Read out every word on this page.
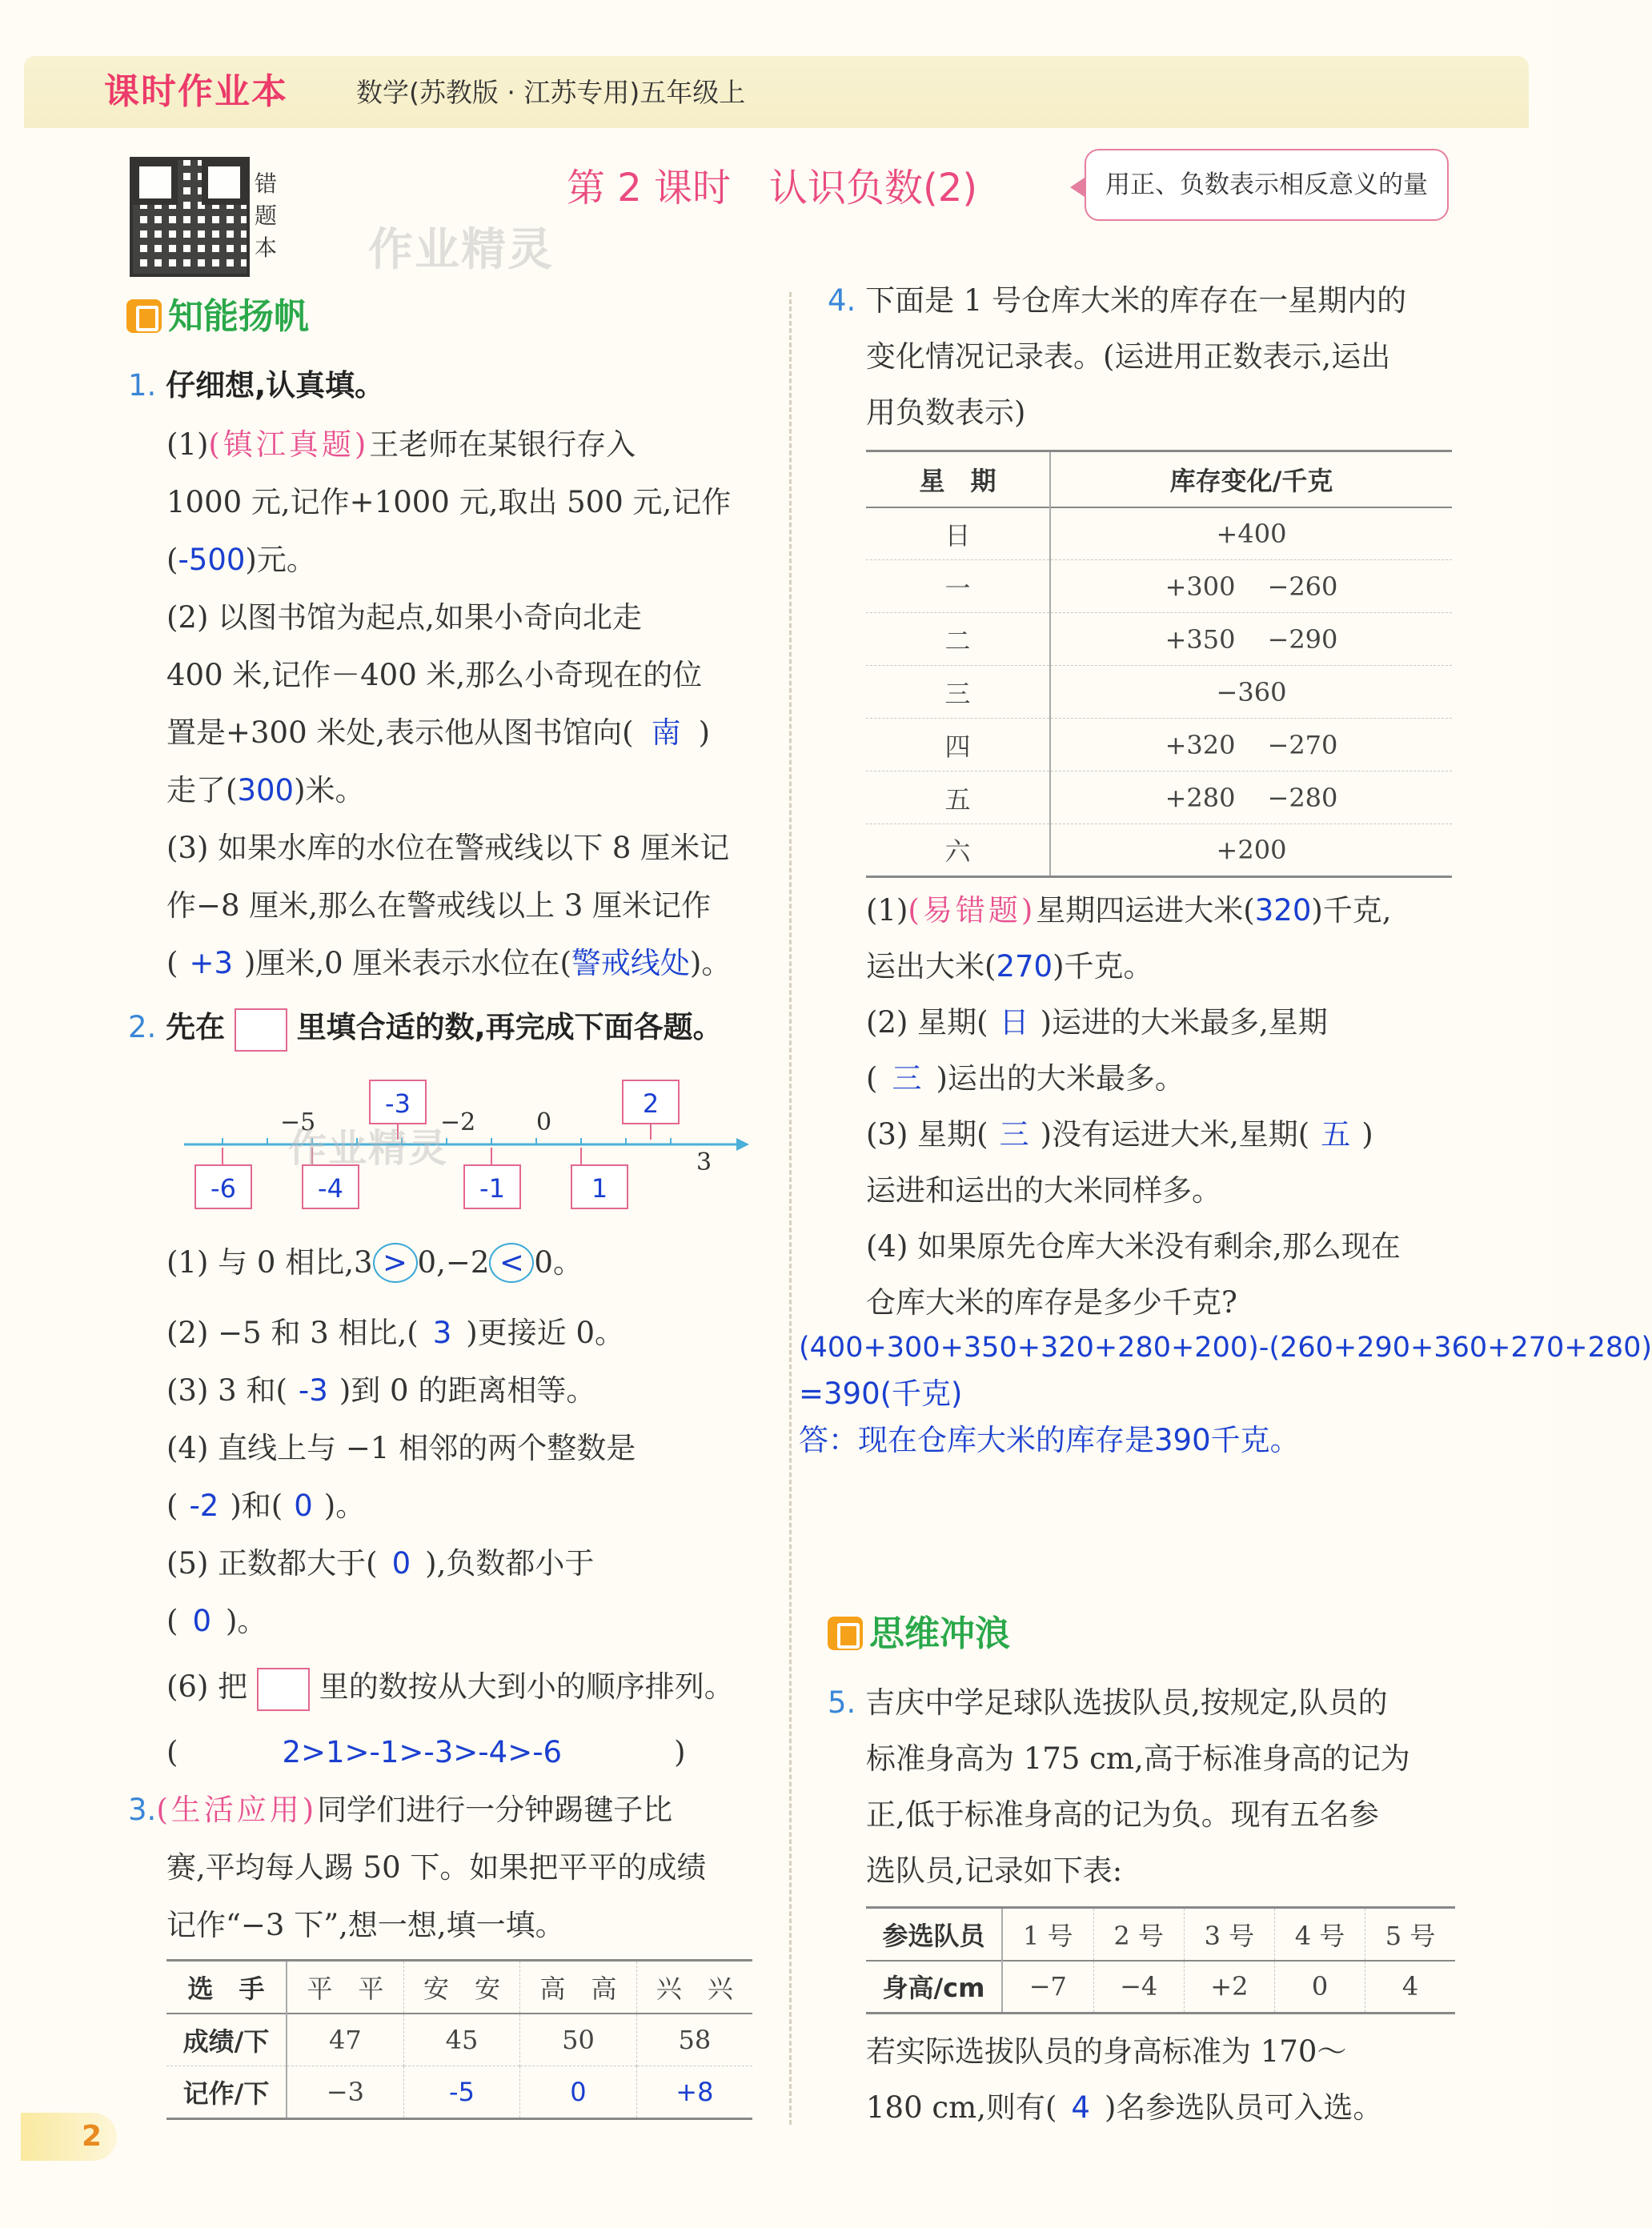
课时作业本	数学(苏教版 · 江苏专用)五年级上
错
题
本 作业精灵
第 2 课时　认识负数(2)	用正、负数表示相反意义的量
知能扬帆
1. 仔细想,认真填。
(1)(镇江真题)王老师在某银行存入
1000 元,记作+1000 元,取出 500 元,记作
(-500)元。
(2) 以图书馆为起点,如果小奇向北走
400 米,记作－400 米,那么小奇现在的位
置是+300 米处,表示他从图书馆向( 南 )
走了(300)米。
(3) 如果水库的水位在警戒线以下 8 厘米记
作−8 厘米,那么在警戒线以上 3 厘米记作
( +3 )厘米,0 厘米表示水位在(警戒线处)。
2. 先在 里填合适的数,再完成下面各题。
−5	−2	0
3
-3	2
-6	-4	-1	1
作业精灵
(1) 与 0 相比,3 > 0,−2 < 0。
(2) −5 和 3 相比,( 3 )更接近 0。
(3) 3 和( -3 )到 0 的距离相等。
(4) 直线上与 −1 相邻的两个整数是
( -2 )和( 0 )。
(5) 正数都大于( 0 ),负数都小于
( 0 )。
(6) 把 里的数按从大到小的顺序排列。
(	2>1>-1>-3>-4>-6	)
3.(生活应用)同学们进行一分钟踢毽子比
赛,平均每人踢 50 下。如果把平平的成绩
记作“−3 下”,想一想,填一填。
选　手	平　平	安　安	高　高	兴　兴
成绩/下	47	45	50	58
记作/下	−3	-5	0	+8
4. 下面是 1 号仓库大米的库存在一星期内的
变化情况记录表。(运进用正数表示,运出
用负数表示)
星　期	库存变化/千克
日	+400
一	+300 −260
二	+350 −290
三	−360
四	+320 −270
五	+280 −280
六	+200
(1)(易错题)星期四运进大米(320)千克,
运出大米(270)千克。
(2) 星期( 日 )运进的大米最多,星期
( 三 )运出的大米最多。
(3) 星期( 三 )没有运进大米,星期( 五 )
运进和运出的大米同样多。
(4) 如果原先仓库大米没有剩余,那么现在
仓库大米的库存是多少千克?
(400+300+350+320+280+200)-(260+290+360+270+280)
=390(千克)
答：现在仓库大米的库存是390千克。
思维冲浪
5. 吉庆中学足球队选拔队员,按规定,队员的
标准身高为 175 cm,高于标准身高的记为
正,低于标准身高的记为负。现有五名参
选队员,记录如下表:
参选队员	1 号	2 号	3 号	4 号	5 号
身高/cm	−7	−4	+2	0	4
若实际选拔队员的身高标准为 170～
180 cm,则有( 4 )名参选队员可入选。
2
